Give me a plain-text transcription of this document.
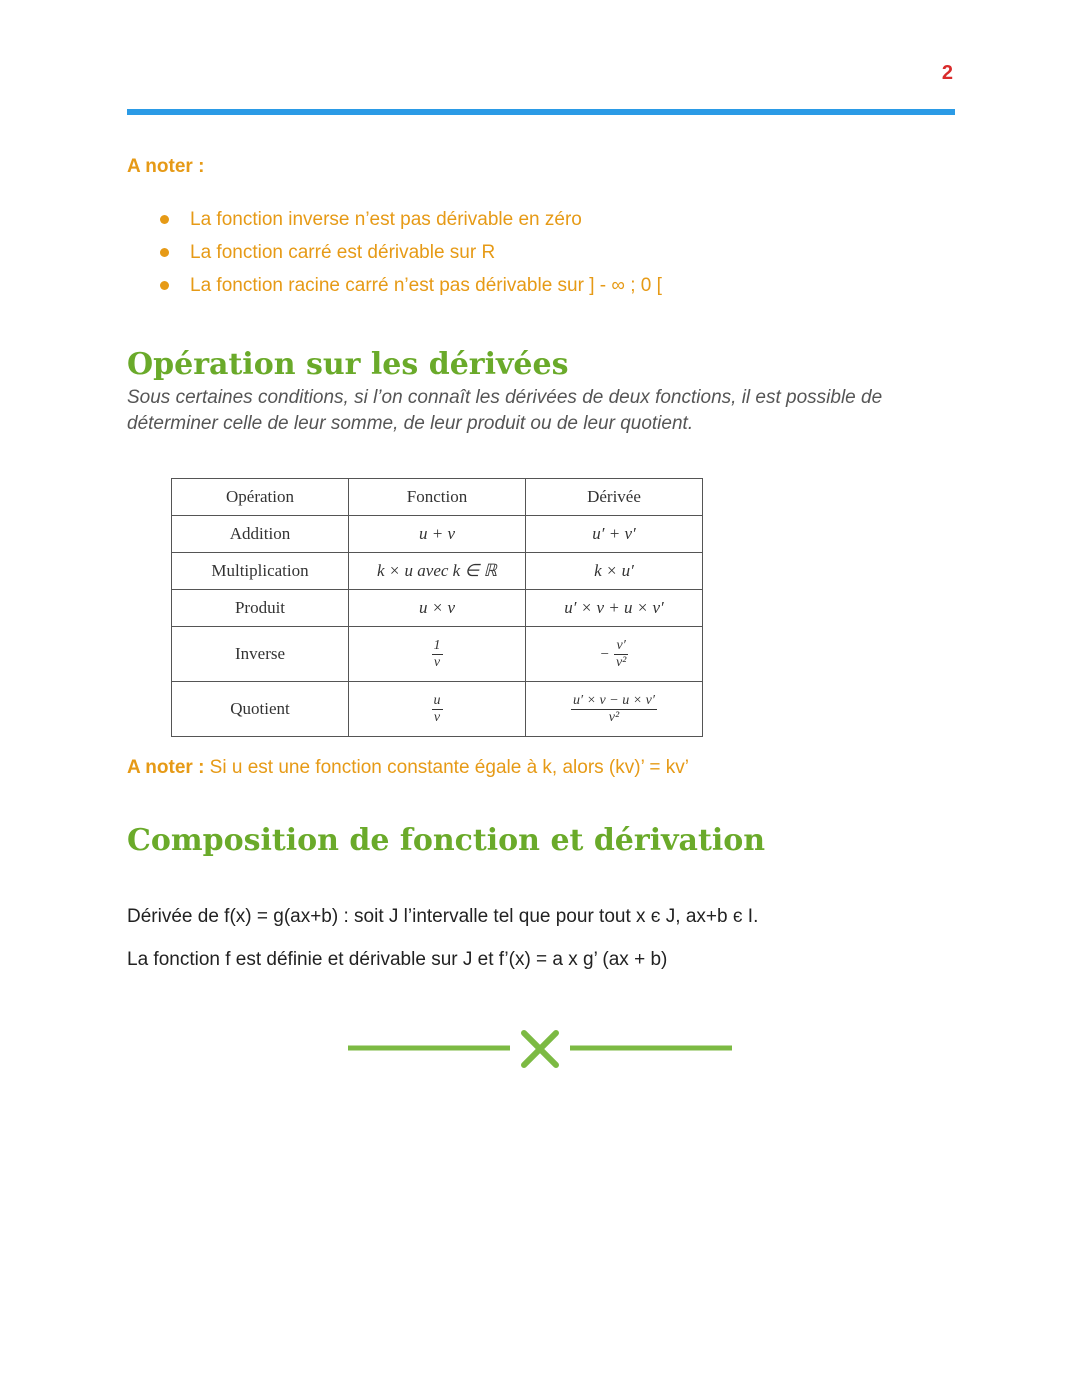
2
A noter :
La fonction inverse n’est pas dérivable en zéro
La fonction carré est dérivable sur R
La fonction racine carré n’est pas dérivable sur ] - ∞ ; 0 [
Opération sur les dérivées
Sous certaines conditions, si l’on connaît les dérivées de deux fonctions, il est possible de déterminer celle de leur somme, de leur produit ou de leur quotient.
Opération	Fonction	Dérivée
Addition	u + v	u′ + v′
Multiplication	k × u avec k ∈ ℝ	k × u′
Produit	u × v	u′ × v + u × v′
Inverse	$\frac{1}{v}$	− $\frac{v'}{\text{v²}}$

Quotient	$\frac{u}{v}$	$\frac{u' \times v - u \times v'}{\text{v²}}$
A noter : Si u est une fonction constante égale à k, alors (kv)’ = kv’
Composition de fonction et dérivation
Dérivée de f(x) = g(ax+b) : soit J l’intervalle tel que pour tout x є J, ax+b є I.
La fonction f est définie et dérivable sur J et f’(x) = a x g’ (ax + b)
